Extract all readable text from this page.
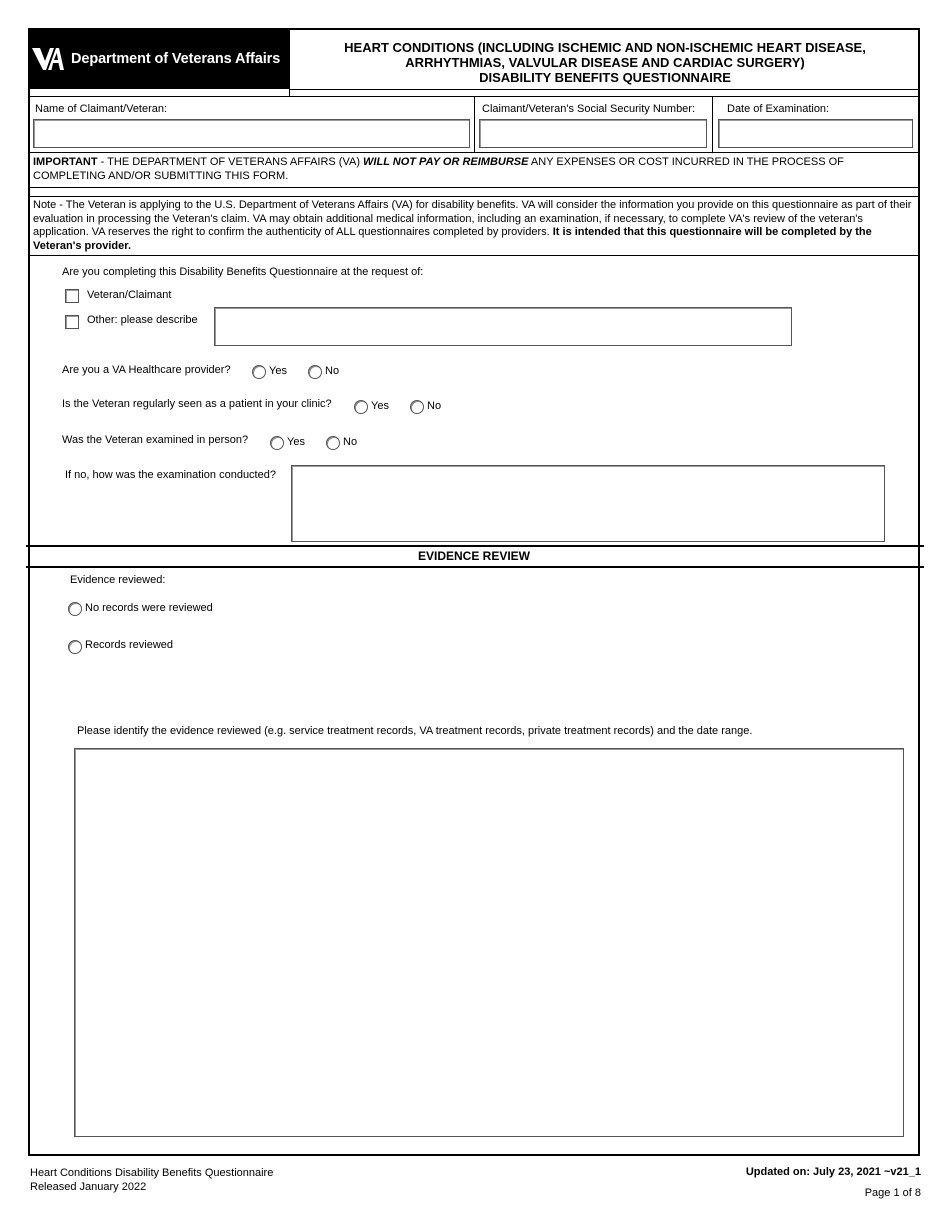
Department of Veterans Affairs
HEART CONDITIONS (INCLUDING ISCHEMIC AND NON-ISCHEMIC HEART DISEASE,
ARRHYTHMIAS, VALVULAR DISEASE AND CARDIAC SURGERY)
DISABILITY BENEFITS QUESTIONNAIRE
Name of Claimant/Veteran:	Claimant/Veteran's Social Security Number:	Date of Examination:
IMPORTANT - THE DEPARTMENT OF VETERANS AFFAIRS (VA) WILL NOT PAY OR REIMBURSE ANY EXPENSES OR COST INCURRED IN THE PROCESS OF COMPLETING AND/OR SUBMITTING THIS FORM.
Note - The Veteran is applying to the U.S. Department of Veterans Affairs (VA) for disability benefits. VA will consider the information you provide on this questionnaire as part of their evaluation in processing the Veteran's claim. VA may obtain additional medical information, including an examination, if necessary, to complete VA's review of the veteran's application. VA reserves the right to confirm the authenticity of ALL questionnaires completed by providers. It is intended that this questionnaire will be completed by the Veteran's provider.
Are you completing this Disability Benefits Questionnaire at the request of:
Veteran/Claimant
Other: please describe
Are you a VA Healthcare provider?	Yes	No
Is the Veteran regularly seen as a patient in your clinic?	Yes	No
Was the Veteran examined in person?	Yes	No
If no, how was the examination conducted?
EVIDENCE REVIEW
Evidence reviewed:
No records were reviewed
Records reviewed
Please identify the evidence reviewed (e.g. service treatment records, VA treatment records, private treatment records) and the date range.
Heart Conditions Disability Benefits Questionnaire
Released January 2022
Updated on: July 23, 2021 ~v21_1
Page 1 of 8
